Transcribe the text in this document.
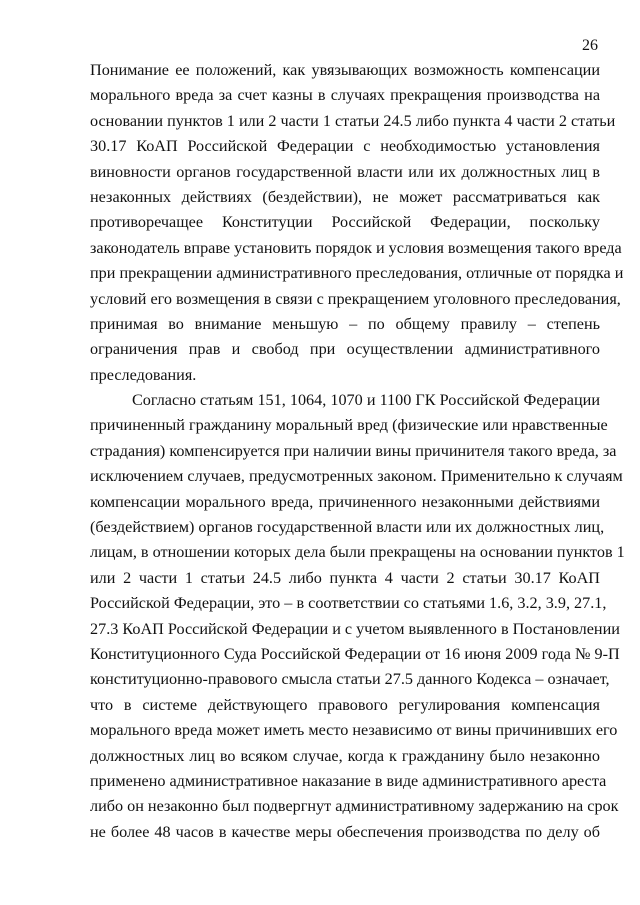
26
Понимание ее положений, как увязывающих возможность компенсации
морального вреда за счет казны в случаях прекращения производства на
основании пунктов 1 или 2 части 1 статьи 24.5 либо пункта 4 части 2 статьи
30.17 КоАП Российской Федерации с необходимостью установления
виновности органов государственной власти или их должностных лиц в
незаконных действиях (бездействии), не может рассматриваться как
противоречащее Конституции Российской Федерации, поскольку
законодатель вправе установить порядок и условия возмещения такого вреда
при прекращении административного преследования, отличные от порядка и
условий его возмещения в связи с прекращением уголовного преследования,
принимая во внимание меньшую – по общему правилу – степень
ограничения прав и свобод при осуществлении административного
преследования.
Согласно статьям 151, 1064, 1070 и 1100 ГК Российской Федерации
причиненный гражданину моральный вред (физические или нравственные
страдания) компенсируется при наличии вины причинителя такого вреда, за
исключением случаев, предусмотренных законом. Применительно к случаям
компенсации морального вреда, причиненного незаконными действиями
(бездействием) органов государственной власти или их должностных лиц,
лицам, в отношении которых дела были прекращены на основании пунктов 1
или 2 части 1 статьи 24.5 либо пункта 4 части 2 статьи 30.17 КоАП
Российской Федерации, это – в соответствии со статьями 1.6, 3.2, 3.9, 27.1,
27.3 КоАП Российской Федерации и с учетом выявленного в Постановлении
Конституционного Суда Российской Федерации от 16 июня 2009 года № 9-П
конституционно-правового смысла статьи 27.5 данного Кодекса – означает,
что в системе действующего правового регулирования компенсация
морального вреда может иметь место независимо от вины причинивших его
должностных лиц во всяком случае, когда к гражданину было незаконно
применено административное наказание в виде административного ареста
либо он незаконно был подвергнут административному задержанию на срок
не более 48 часов в качестве меры обеспечения производства по делу об
